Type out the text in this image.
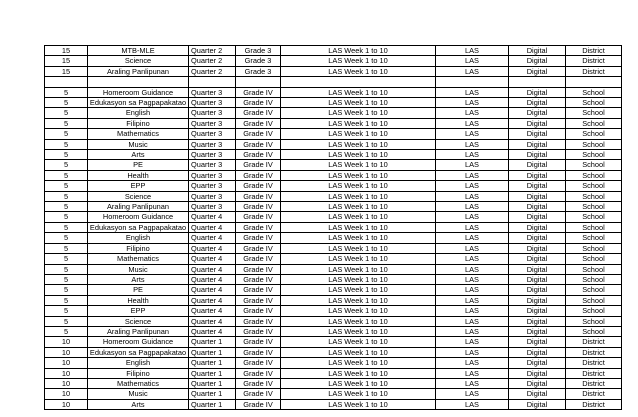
15	MTB-MLE	Quarter 2	Grade 3	LAS Week 1 to 10	LAS	Digital	District
15	Science	Quarter 2	Grade 3	LAS Week 1 to 10	LAS	Digital	District
15	Araling Panlipunan	Quarter 2	Grade 3	LAS Week 1 to 10	LAS	Digital	District

5	Homeroom Guidance	Quarter 3	Grade IV	LAS Week 1 to 10	LAS	Digital	School
5	Edukasyon sa Pagpapakatao	Quarter 3	Grade IV	LAS Week 1 to 10	LAS	Digital	School
5	English	Quarter 3	Grade IV	LAS Week 1 to 10	LAS	Digital	School
5	Filipino	Quarter 3	Grade IV	LAS Week 1 to 10	LAS	Digital	School
5	Mathematics	Quarter 3	Grade IV	LAS Week 1 to 10	LAS	Digital	School
5	Music	Quarter 3	Grade IV	LAS Week 1 to 10	LAS	Digital	School
5	Arts	Quarter 3	Grade IV	LAS Week 1 to 10	LAS	Digital	School
5	PE	Quarter 3	Grade IV	LAS Week 1 to 10	LAS	Digital	School
5	Health	Quarter 3	Grade IV	LAS Week 1 to 10	LAS	Digital	School
5	EPP	Quarter 3	Grade IV	LAS Week 1 to 10	LAS	Digital	School
5	Science	Quarter 3	Grade IV	LAS Week 1 to 10	LAS	Digital	School
5	Araling Panlipunan	Quarter 3	Grade IV	LAS Week 1 to 10	LAS	Digital	School
5	Homeroom Guidance	Quarter 4	Grade IV	LAS Week 1 to 10	LAS	Digital	School
5	Edukasyon sa Pagpapakatao	Quarter 4	Grade IV	LAS Week 1 to 10	LAS	Digital	School
5	English	Quarter 4	Grade IV	LAS Week 1 to 10	LAS	Digital	School
5	Filipino	Quarter 4	Grade IV	LAS Week 1 to 10	LAS	Digital	School
5	Mathematics	Quarter 4	Grade IV	LAS Week 1 to 10	LAS	Digital	School
5	Music	Quarter 4	Grade IV	LAS Week 1 to 10	LAS	Digital	School
5	Arts	Quarter 4	Grade IV	LAS Week 1 to 10	LAS	Digital	School
5	PE	Quarter 4	Grade IV	LAS Week 1 to 10	LAS	Digital	School
5	Health	Quarter 4	Grade IV	LAS Week 1 to 10	LAS	Digital	School
5	EPP	Quarter 4	Grade IV	LAS Week 1 to 10	LAS	Digital	School
5	Science	Quarter 4	Grade IV	LAS Week 1 to 10	LAS	Digital	School
5	Araling Panlipunan	Quarter 4	Grade IV	LAS Week 1 to 10	LAS	Digital	School
10	Homeroom Guidance	Quarter 1	Grade IV	LAS Week 1 to 10	LAS	Digital	District
10	Edukasyon sa Pagpapakatao	Quarter 1	Grade IV	LAS Week 1 to 10	LAS	Digital	District
10	English	Quarter 1	Grade IV	LAS Week 1 to 10	LAS	Digital	District
10	Filipino	Quarter 1	Grade IV	LAS Week 1 to 10	LAS	Digital	District
10	Mathematics	Quarter 1	Grade IV	LAS Week 1 to 10	LAS	Digital	District
10	Music	Quarter 1	Grade IV	LAS Week 1 to 10	LAS	Digital	District
10	Arts	Quarter 1	Grade IV	LAS Week 1 to 10	LAS	Digital	District
